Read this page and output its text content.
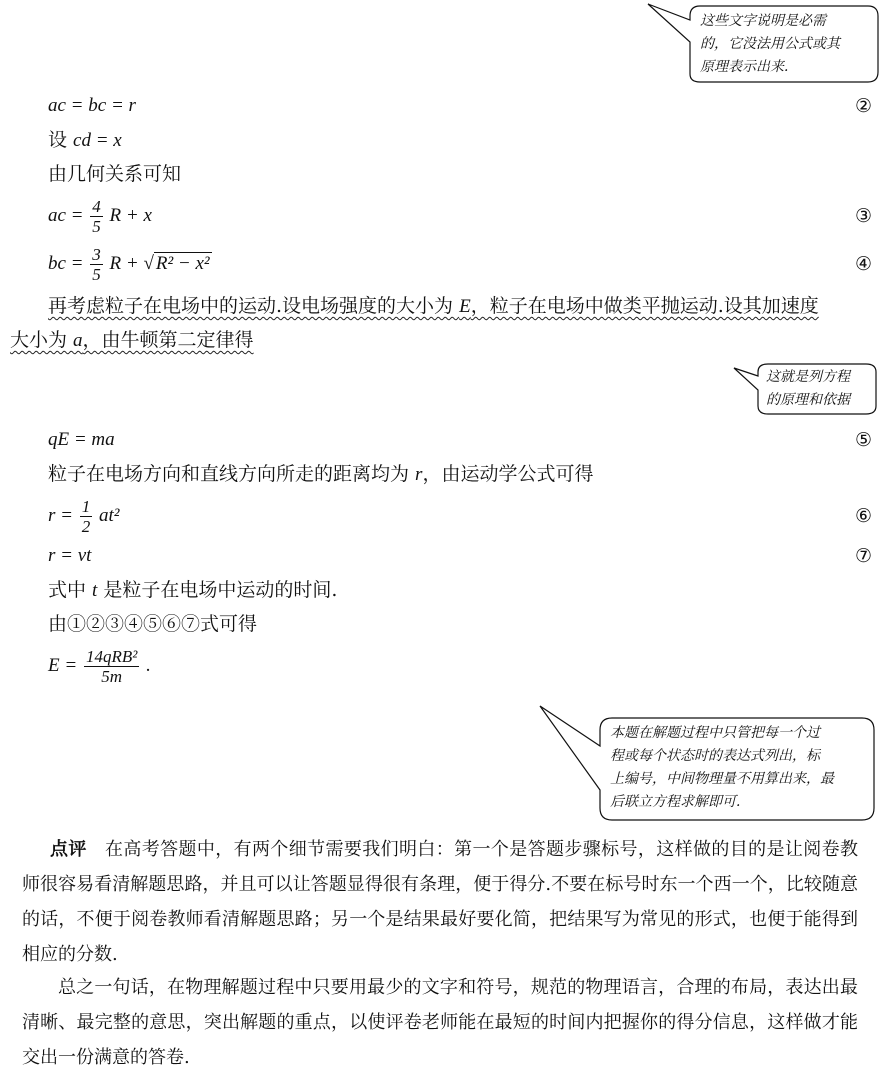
这些文字说明是必需
的，它没法用公式或其
原理表示出来.
这就是列方程
的原理和依据
本题在解题过程中只管把每一个过
程或每个状态时的表达式列出，标
上编号，中间物理量不用算出来，最
后联立方程求解即可.
ac = bc = r	②
设 cd = x
由几何关系可知
ac = $\frac{4}{5}$ R + x	③
bc = $\frac{3}{5}$ R + √ R² − x²	④
再考虑粒子在电场中的运动.设电场强度的大小为 E，粒子在电场中做类平抛运动.设其加速度
大小为 a，由牛顿第二定律得
qE = ma	⑤
粒子在电场方向和直线方向所走的距离均为 r，由运动学公式可得
$r = \frac{1}{2} at^2$	⑥
r = vt	⑦
式中 t 是粒子在电场中运动的时间.
由①②③④⑤⑥⑦式可得
$E = \frac{\text{14qRB²}}{5m}$ .
点评 在高考答题中，有两个细节需要我们明白：第一个是答题步骤标号，这样做的目的是让阅卷教师很容易看清解题思路，并且可以让答题显得很有条理，便于得分.不要在标号时东一个西一个，比较随意的话，不便于阅卷教师看清解题思路；另一个是结果最好要化简，把结果写为常见的形式，也便于能得到相应的分数.
总之一句话，在物理解题过程中只要用最少的文字和符号，规范的物理语言，合理的布局，表达出最清晰、最完整的意思，突出解题的重点，以使评卷老师能在最短的时间内把握你的得分信息，这样做才能交出一份满意的答卷.
